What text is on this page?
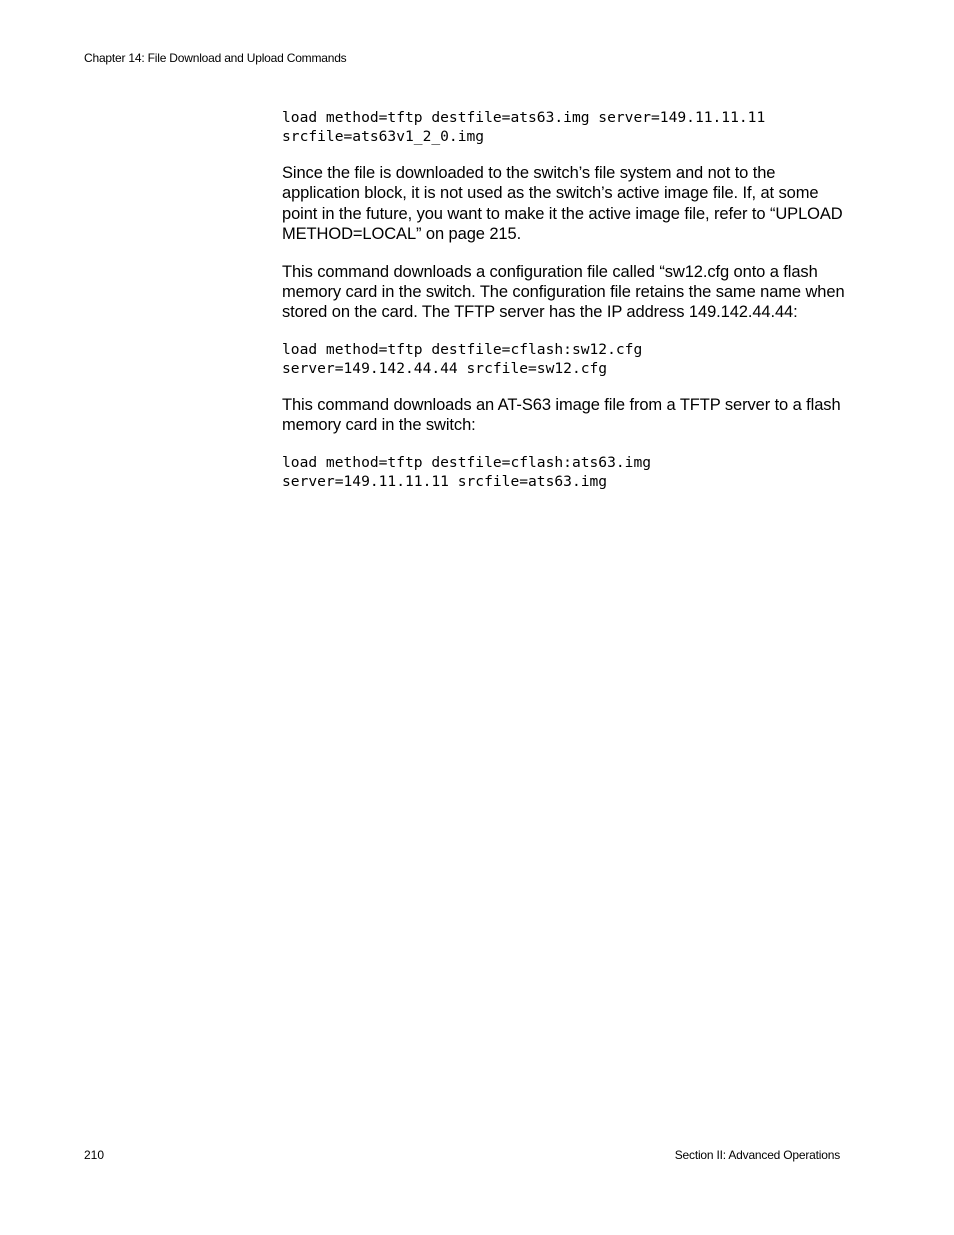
Chapter 14: File Download and Upload Commands
load method=tftp destfile=ats63.img server=149.11.11.11
srcfile=ats63v1_2_0.img

Since the file is downloaded to the switch’s file system and not to the application block, it is not used as the switch’s active image file. If, at some point in the future, you want to make it the active image file, refer to “UPLOAD METHOD=LOCAL” on page 215.

This command downloads a configuration file called “sw12.cfg onto a flash memory card in the switch. The configuration file retains the same name when stored on the card. The TFTP server has the IP address 149.142.44.44:

load method=tftp destfile=cflash:sw12.cfg
server=149.142.44.44 srcfile=sw12.cfg

This command downloads an AT-S63 image file from a TFTP server to a flash memory card in the switch:

load method=tftp destfile=cflash:ats63.img
server=149.11.11.11 srcfile=ats63.img
210	Section II: Advanced Operations
